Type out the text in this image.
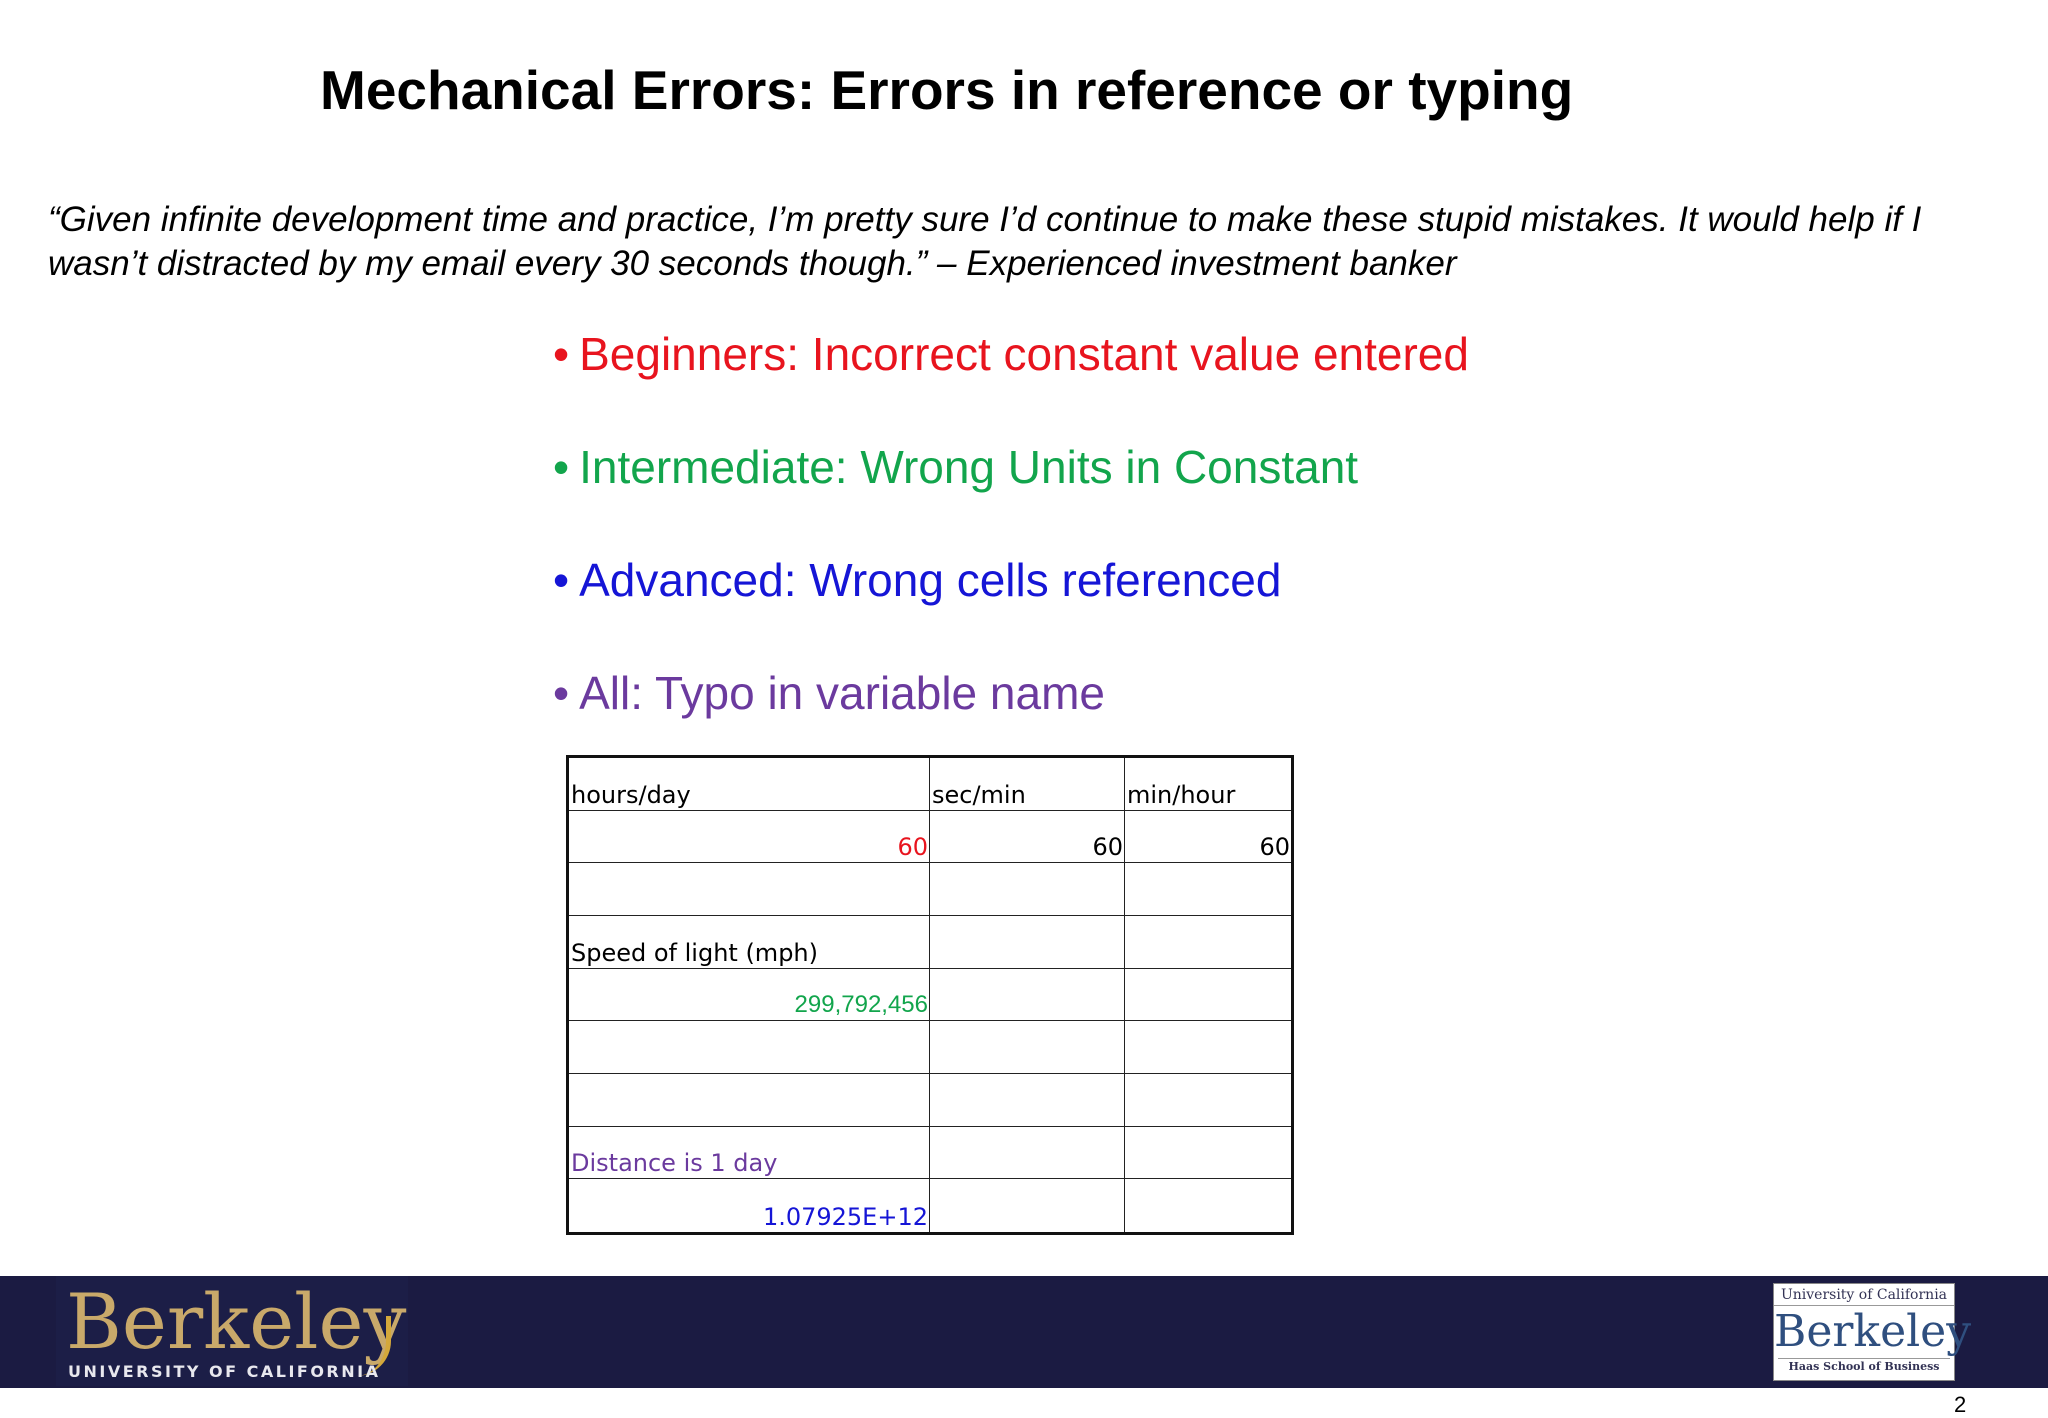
Mechanical Errors: Errors in reference or typing

“Given infinite development time and practice, I’m pretty sure I’d continue to make these stupid mistakes. It would help if I wasn’t distracted by my email every 30 seconds though.” – Experienced investment banker

• Beginners: Incorrect constant value entered
• Intermediate: Wrong Units in Constant
• Advanced: Wrong cells referenced
• All: Typo in variable name
hours/day	sec/min	min/hour
60	60	60
Speed of light (mph)
299,792,456
Distance is 1 day
1.07925E+12
Berkeley
UNIVERSITY OF CALIFORNIA
University of California
Berkeley
Haas School of Business
2
